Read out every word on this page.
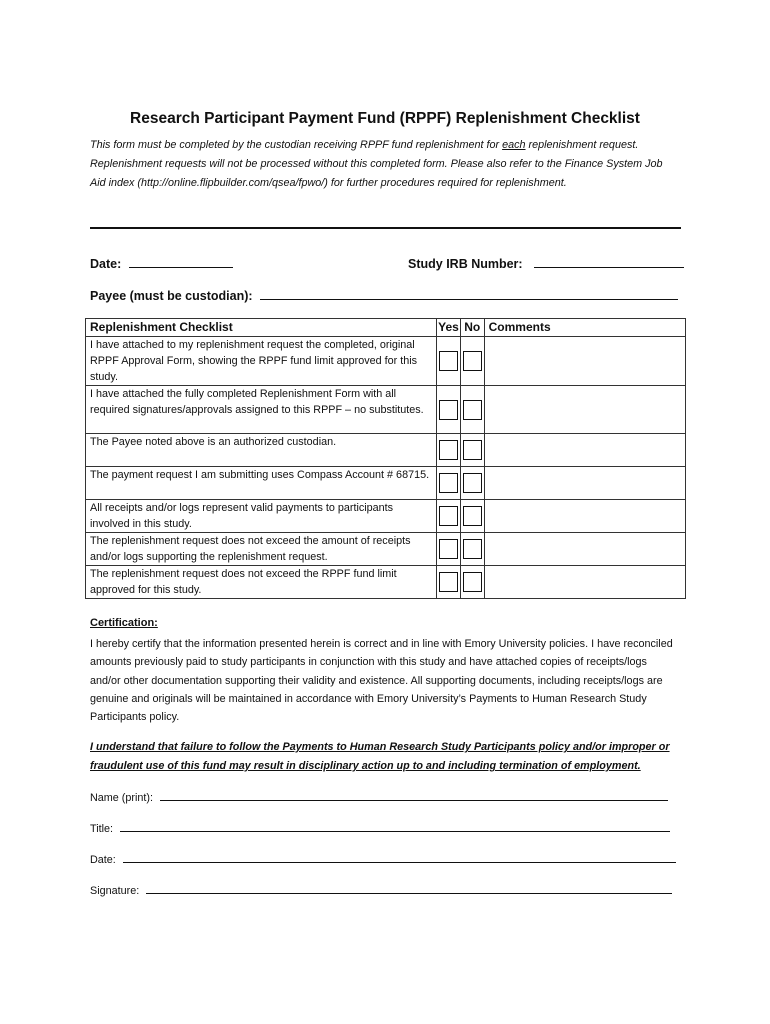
Research Participant Payment Fund (RPPF) Replenishment Checklist
This form must be completed by the custodian receiving RPPF fund replenishment for each replenishment request. Replenishment requests will not be processed without this completed form. Please also refer to the Finance System Job Aid index (http://online.flipbuilder.com/qsea/fpwo/) for further procedures required for replenishment.
Date:	Study IRB Number:
Payee (must be custodian):
Replenishment Checklist	Yes	No	Comments
I have attached to my replenishment request the completed, original RPPF Approval Form, showing the RPPF fund limit approved for this study.			
I have attached the fully completed Replenishment Form with all required signatures/approvals assigned to this RPPF – no substitutes.			
The Payee noted above is an authorized custodian.			
The payment request I am submitting uses Compass Account # 68715.			
All receipts and/or logs represent valid payments to participants involved in this study.			
The replenishment request does not exceed the amount of receipts and/or logs supporting the replenishment request.			
The replenishment request does not exceed the RPPF fund limit approved for this study.			
Certification:
I hereby certify that the information presented herein is correct and in line with Emory University policies. I have reconciled amounts previously paid to study participants in conjunction with this study and have attached copies of receipts/logs and/or other documentation supporting their validity and existence. All supporting documents, including receipts/logs are genuine and originals will be maintained in accordance with Emory University’s Payments to Human Research Study Participants policy.
I understand that failure to follow the Payments to Human Research Study Participants policy and/or improper or fraudulent use of this fund may result in disciplinary action up to and including termination of employment.
Name (print):
Title:
Date:
Signature:
